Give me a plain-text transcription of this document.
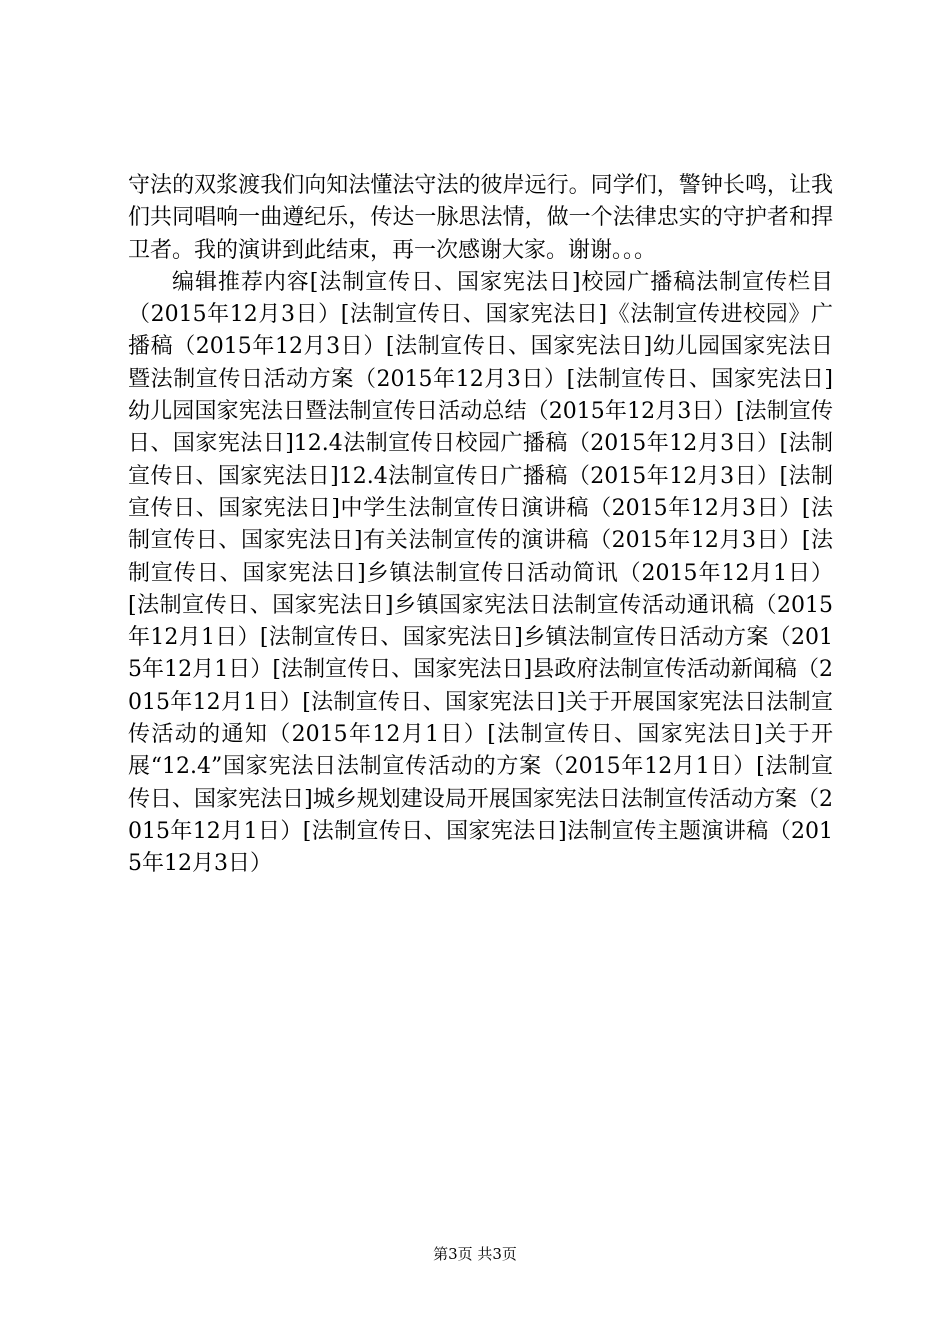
守法的双浆渡我们向知法懂法守法的彼岸远行。同学们，警钟长鸣，让我们共同唱响一曲遵纪乐，传达一脉思法情，做一个法律忠实的守护者和捍卫者。我的演讲到此结束，再一次感谢大家。谢谢。。。

编辑推荐内容[法制宣传日、国家宪法日]校园广播稿法制宣传栏目（2015年12月3日）[法制宣传日、国家宪法日]《法制宣传进校园》广播稿（2015年12月3日）[法制宣传日、国家宪法日]幼儿园国家宪法日暨法制宣传日活动方案（2015年12月3日）[法制宣传日、国家宪法日]幼儿园国家宪法日暨法制宣传日活动总结（2015年12月3日）[法制宣传日、国家宪法日]12.4法制宣传日校园广播稿（2015年12月3日）[法制宣传日、国家宪法日]12.4法制宣传日广播稿（2015年12月3日）[法制宣传日、国家宪法日]中学生法制宣传日演讲稿（2015年12月3日）[法制宣传日、国家宪法日]有关法制宣传的演讲稿（2015年12月3日）[法制宣传日、国家宪法日]乡镇法制宣传日活动简讯（2015年12月1日）[法制宣传日、国家宪法日]乡镇国家宪法日法制宣传活动通讯稿（2015年12月1日）[法制宣传日、国家宪法日]乡镇法制宣传日活动方案（2015年12月1日）[法制宣传日、国家宪法日]县政府法制宣传活动新闻稿（2015年12月1日）[法制宣传日、国家宪法日]关于开展国家宪法日法制宣传活动的通知（2015年12月1日）[法制宣传日、国家宪法日]关于开展“12.4”国家宪法日法制宣传活动的方案（2015年12月1日）[法制宣传日、国家宪法日]城乡规划建设局开展国家宪法日法制宣传活动方案（2015年12月1日）[法制宣传日、国家宪法日]法制宣传主题演讲稿（2015年12月3日）

第3页 共3页
